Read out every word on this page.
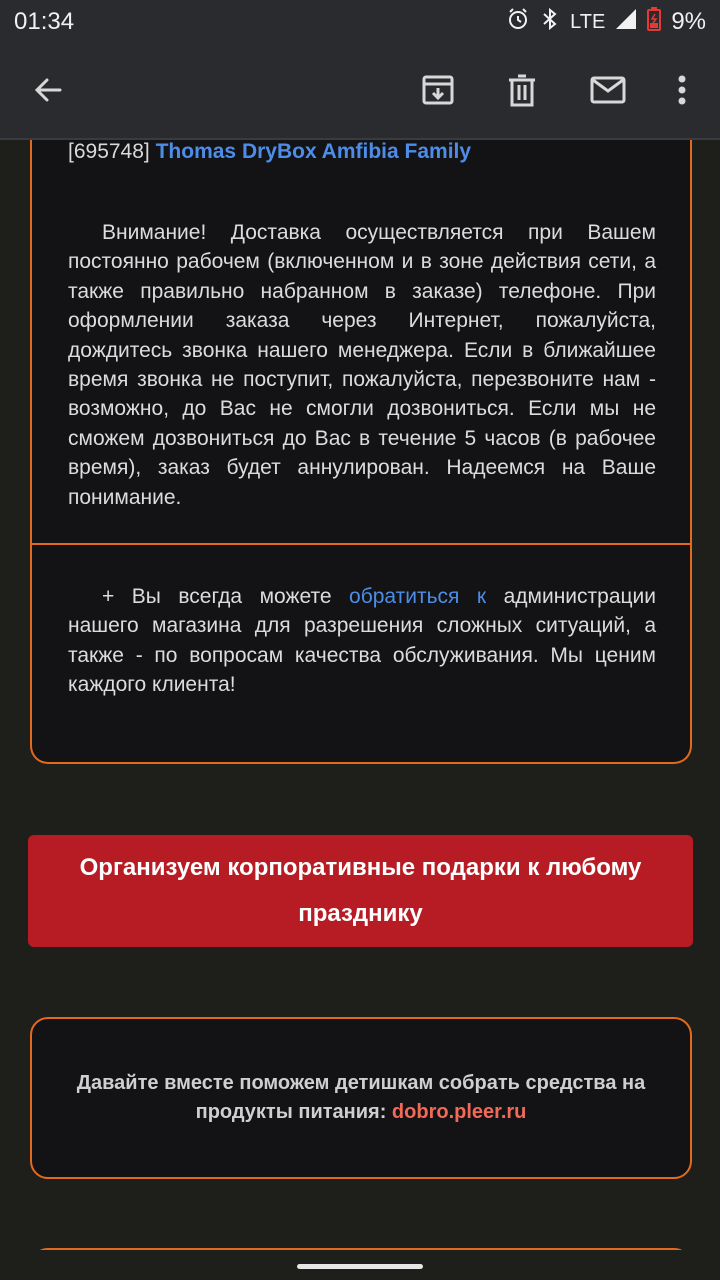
01:34	LTE	9%
[695748] Thomas DryBox Amfibia Family

Внимание! Доставка осуществляется при Вашем постоянно рабочем (включенном и в зоне действия сети, а также правильно набранном в заказе) телефоне. При оформлении заказа через Интернет, пожалуйста, дождитесь звонка нашего менеджера. Если в ближайшее время звонка не поступит, пожалуйста, перезвоните нам - возможно, до Вас не смогли дозвониться. Если мы не сможем дозвониться до Вас в течение 5 часов (в рабочее время), заказ будет аннулирован. Надеемся на Ваше понимание.

+ Вы всегда можете обратиться к администрации нашего магазина для разрешения сложных ситуаций, а также - по вопросам качества обслуживания. Мы ценим каждого клиента!

Организуем корпоративные подарки к любому празднику
Давайте вместе поможем детишкам собрать средства на продукты питания: dobro.pleer.ru
